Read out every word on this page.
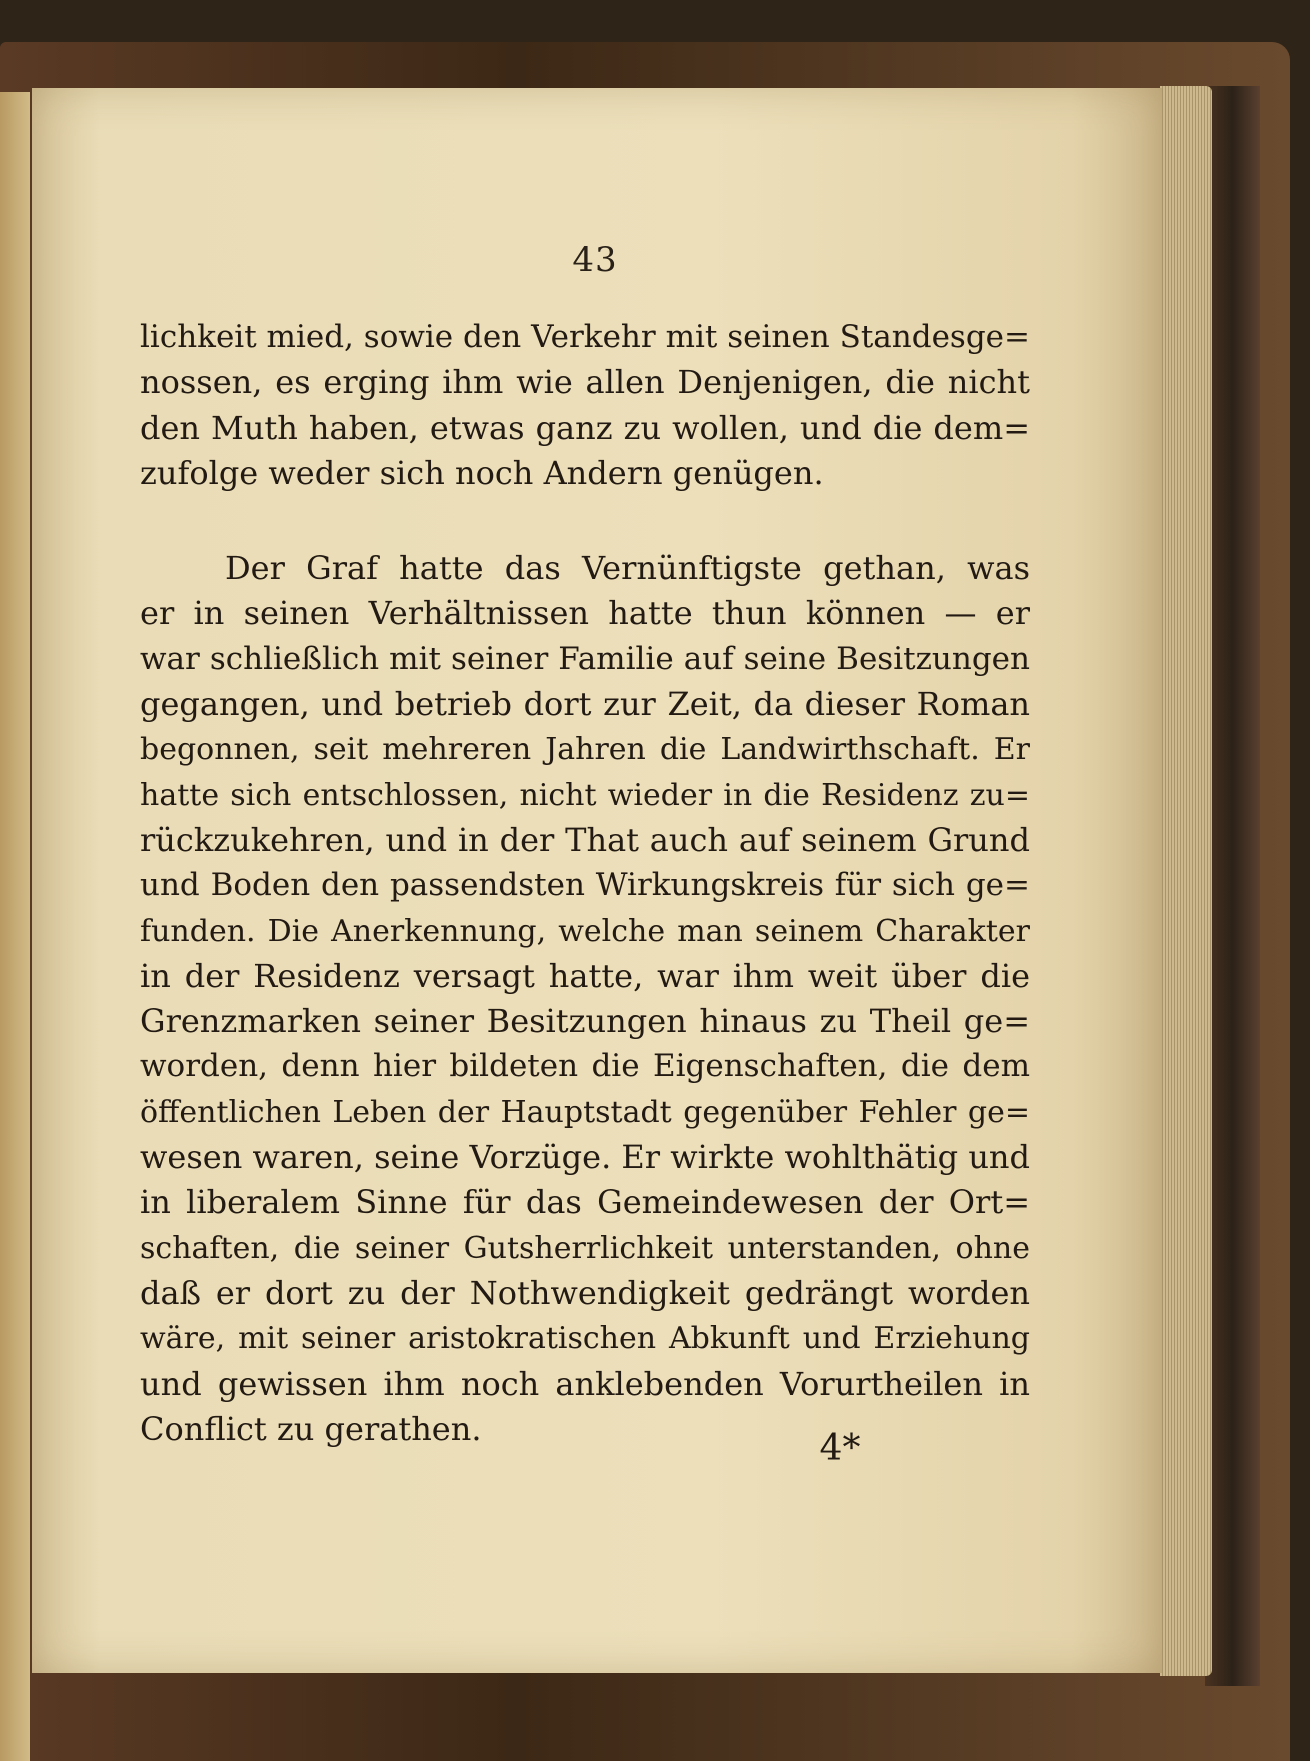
43
lichkeit mied, sowie den Verkehr mit seinen Standesge=
nossen, es erging ihm wie allen Denjenigen, die nicht
den Muth haben, etwas ganz zu wollen, und die dem=
zufolge weder sich noch Andern genügen.
Der Graf hatte das Vernünftigste gethan, was
er in seinen Verhältnissen hatte thun können — er
war schließlich mit seiner Familie auf seine Besitzungen
gegangen, und betrieb dort zur Zeit, da dieser Roman
begonnen, seit mehreren Jahren die Landwirthschaft. Er
hatte sich entschlossen, nicht wieder in die Residenz zu=
rückzukehren, und in der That auch auf seinem Grund
und Boden den passendsten Wirkungskreis für sich ge=
funden. Die Anerkennung, welche man seinem Charakter
in der Residenz versagt hatte, war ihm weit über die
Grenzmarken seiner Besitzungen hinaus zu Theil ge=
worden, denn hier bildeten die Eigenschaften, die dem
öffentlichen Leben der Hauptstadt gegenüber Fehler ge=
wesen waren, seine Vorzüge. Er wirkte wohlthätig und
in liberalem Sinne für das Gemeindewesen der Ort=
schaften, die seiner Gutsherrlichkeit unterstanden, ohne
daß er dort zu der Nothwendigkeit gedrängt worden
wäre, mit seiner aristokratischen Abkunft und Erziehung
und gewissen ihm noch anklebenden Vorurtheilen in
Conflict zu gerathen.	4*
